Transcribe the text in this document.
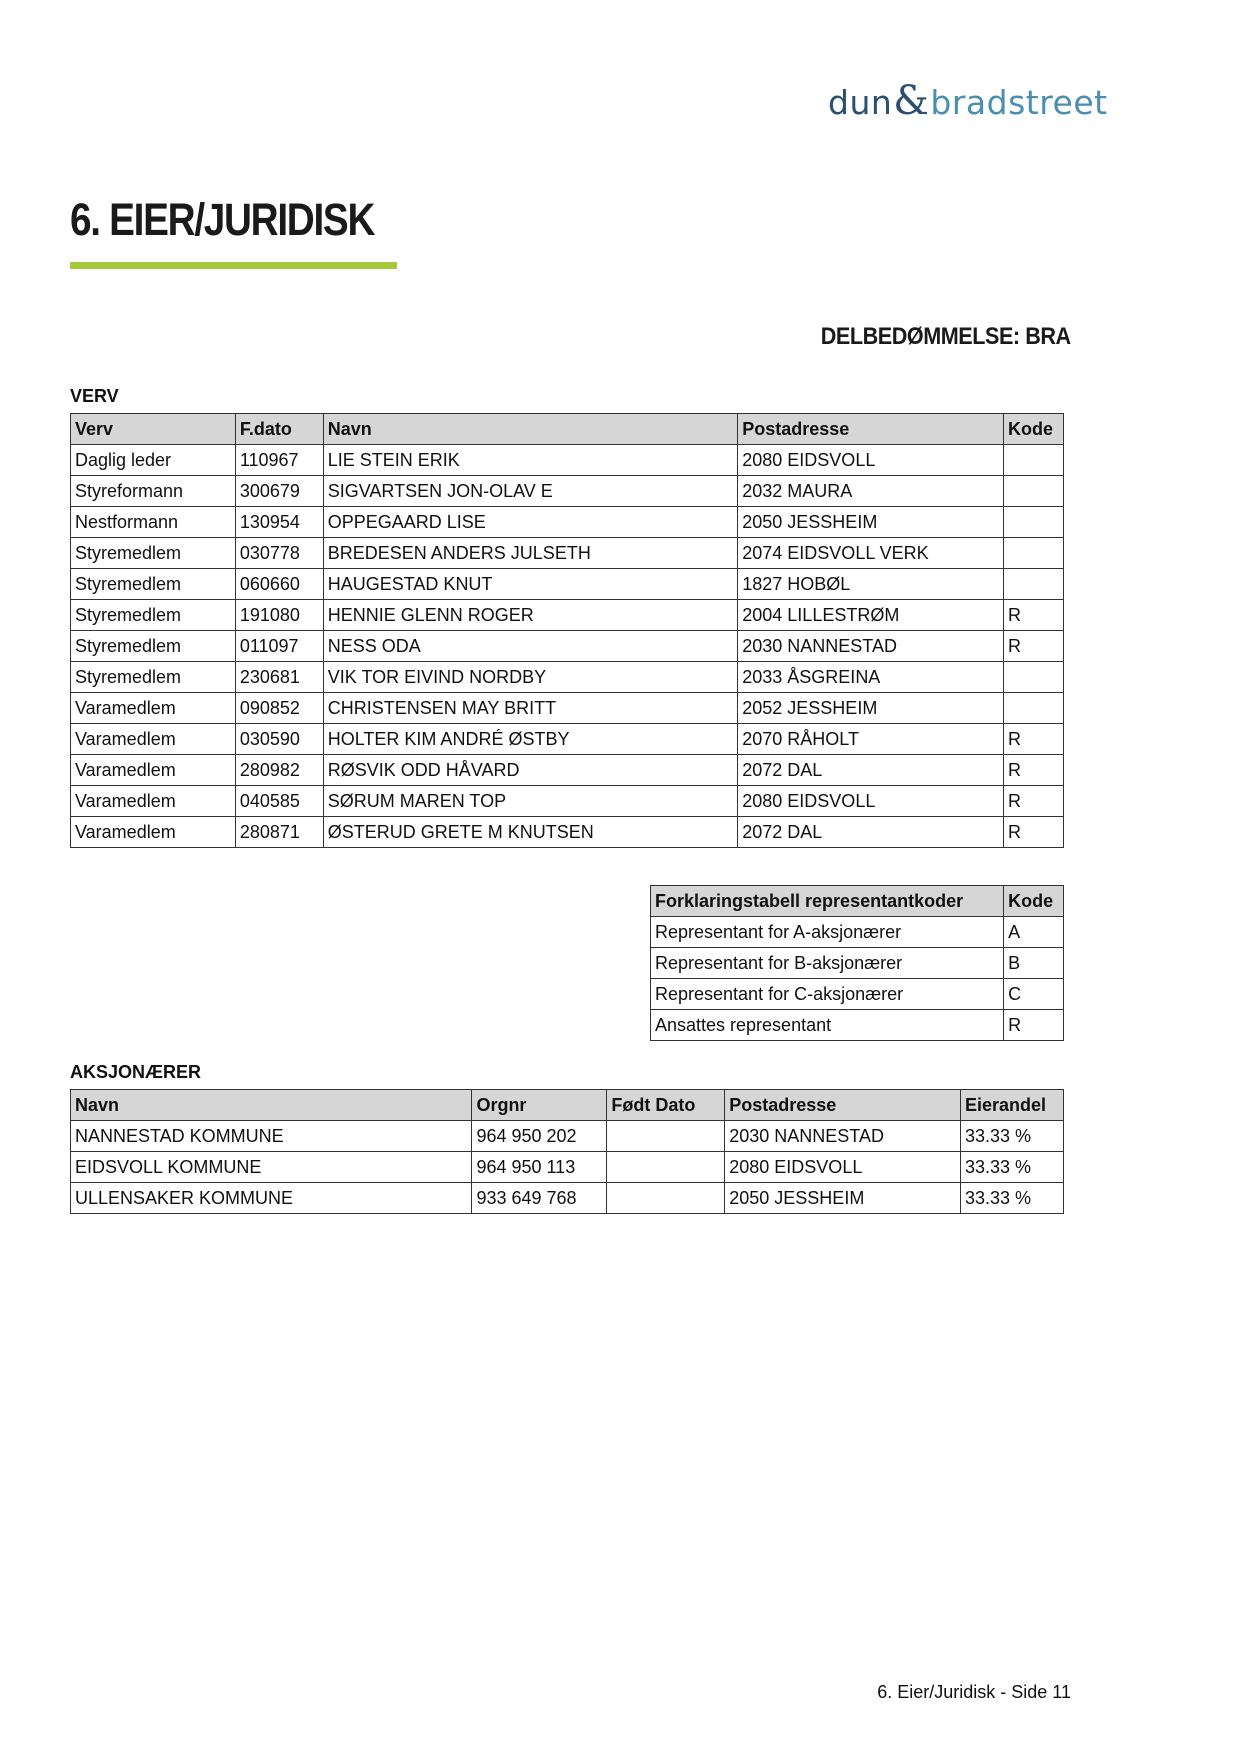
dun&bradstreet
6. EIER/JURIDISK
DELBEDØMMELSE: BRA
VERV
Verv	F.dato	Navn	Postadresse	Kode
Daglig leder	110967	LIE STEIN ERIK	2080 EIDSVOLL	
Styreformann	300679	SIGVARTSEN JON-OLAV E	2032 MAURA	
Nestformann	130954	OPPEGAARD LISE	2050 JESSHEIM	
Styremedlem	030778	BREDESEN ANDERS JULSETH	2074 EIDSVOLL VERK	
Styremedlem	060660	HAUGESTAD KNUT	1827 HOBØL	
Styremedlem	191080	HENNIE GLENN ROGER	2004 LILLESTRØM	R
Styremedlem	011097	NESS ODA	2030 NANNESTAD	R
Styremedlem	230681	VIK TOR EIVIND NORDBY	2033 ÅSGREINA	
Varamedlem	090852	CHRISTENSEN MAY BRITT	2052 JESSHEIM	
Varamedlem	030590	HOLTER KIM ANDRÉ ØSTBY	2070 RÅHOLT	R
Varamedlem	280982	RØSVIK ODD HÅVARD	2072 DAL	R
Varamedlem	040585	SØRUM MAREN TOP	2080 EIDSVOLL	R
Varamedlem	280871	ØSTERUD GRETE M KNUTSEN	2072 DAL	R
Forklaringstabell representantkoder	Kode
Representant for A-aksjonærer	A
Representant for B-aksjonærer	B
Representant for C-aksjonærer	C
Ansattes representant	R
AKSJONÆRER
Navn	Orgnr	Født Dato	Postadresse	Eierandel
NANNESTAD KOMMUNE	964 950 202		2030 NANNESTAD	33.33 %
EIDSVOLL KOMMUNE	964 950 113		2080 EIDSVOLL	33.33 %
ULLENSAKER KOMMUNE	933 649 768		2050 JESSHEIM	33.33 %
6. Eier/Juridisk - Side 11
